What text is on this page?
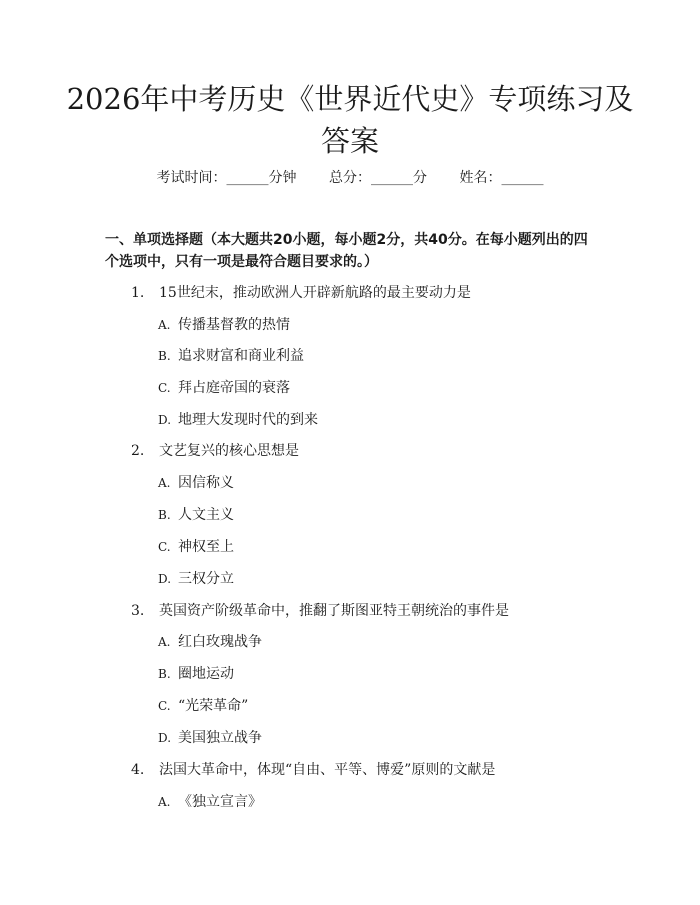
2026年中考历史《世界近代史》专项练习及
答案
考试时间：______分钟 总分：______分 姓名：______
一、单项选择题（本大题共20小题，每小题2分，共40分。在每小题列出的四
个选项中，只有一项是最符合题目要求的。）
1. 15世纪末，推动欧洲人开辟新航路的最主要动力是
A. 传播基督教的热情
B. 追求财富和商业利益
C. 拜占庭帝国的衰落
D. 地理大发现时代的到来
2. 文艺复兴的核心思想是
A. 因信称义
B. 人文主义
C. 神权至上
D. 三权分立
3. 英国资产阶级革命中，推翻了斯图亚特王朝统治的事件是
A. 红白玫瑰战争
B. 圈地运动
C. “光荣革命”
D. 美国独立战争
4. 法国大革命中，体现“自由、平等、博爱”原则的文献是
A. 《独立宣言》
